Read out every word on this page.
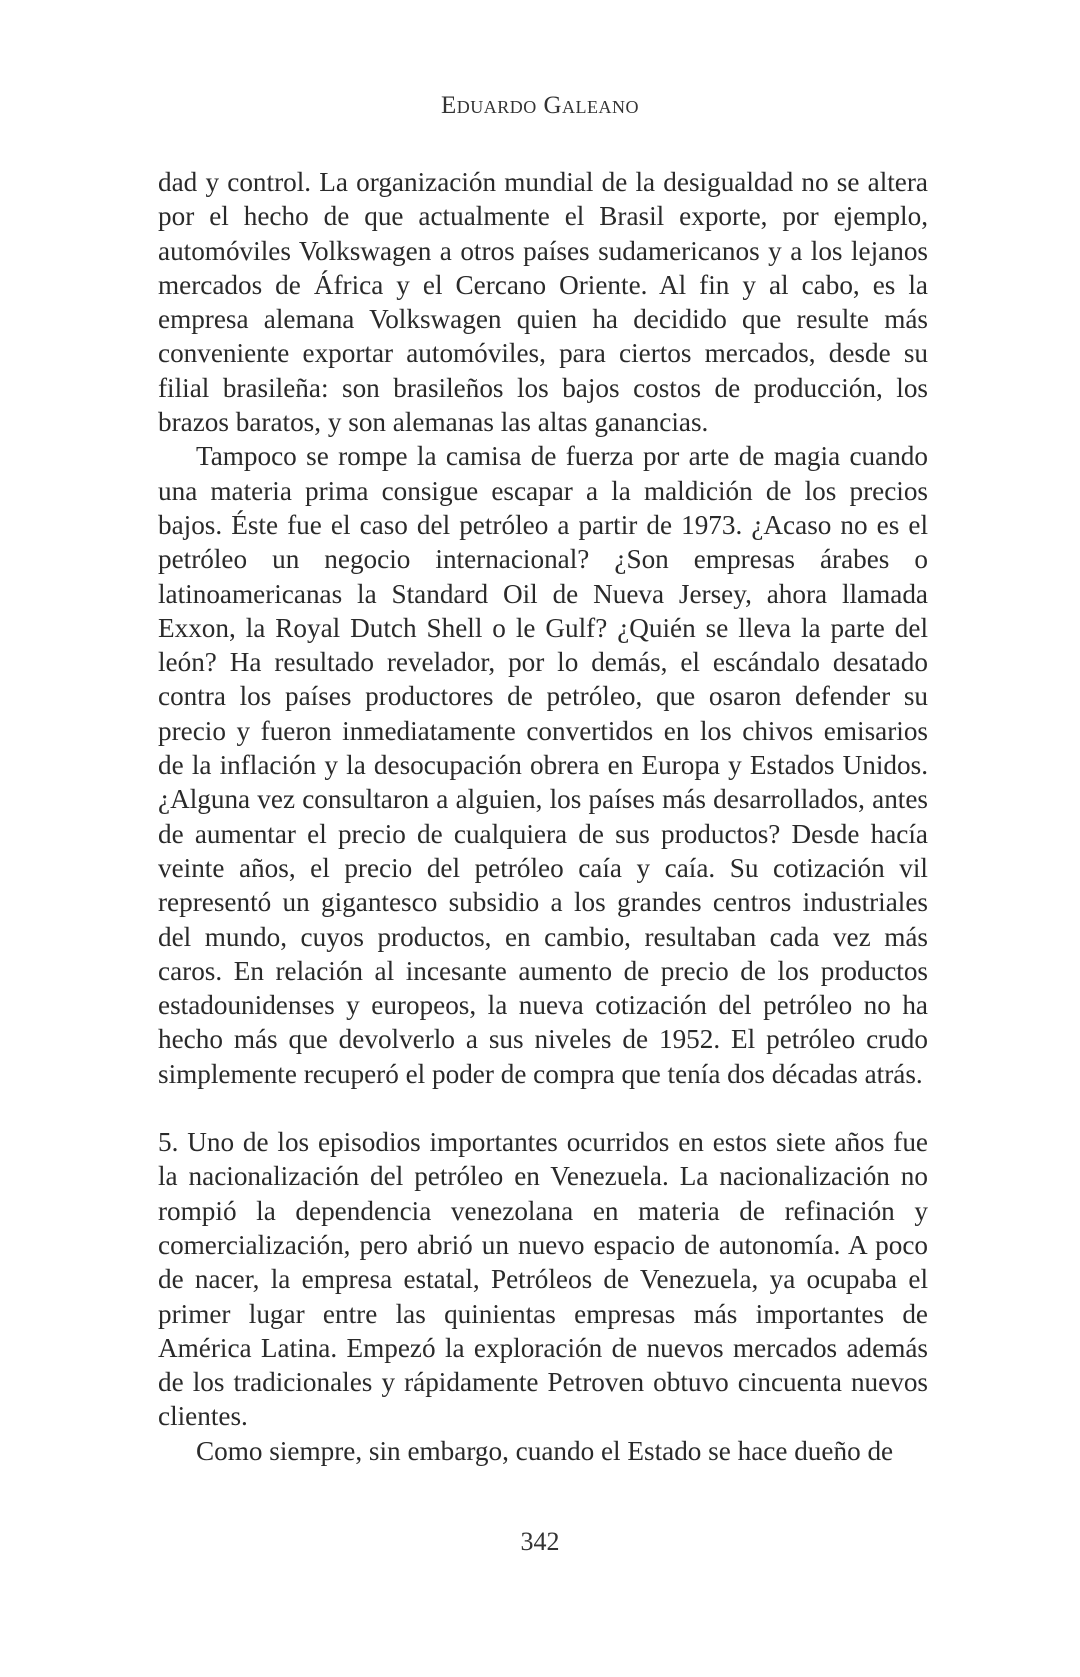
Eduardo Galeano

dad y control. La organización mundial de la desigualdad no se altera por el hecho de que actualmente el Brasil exporte, por ejemplo, automóviles Volkswagen a otros países sudamericanos y a los lejanos mercados de África y el Cercano Oriente. Al fin y al cabo, es la empresa alemana Volkswagen quien ha decidido que resulte más conveniente exportar automóviles, para ciertos mercados, desde su filial brasileña: son brasileños los bajos costos de producción, los brazos baratos, y son alemanas las altas ganancias.

Tampoco se rompe la camisa de fuerza por arte de magia cuando una materia prima consigue escapar a la maldición de los precios bajos. Éste fue el caso del petróleo a partir de 1973. ¿Acaso no es el petróleo un negocio internacional? ¿Son empresas árabes o latinoamericanas la Standard Oil de Nueva Jersey, ahora llamada Exxon, la Royal Dutch Shell o le Gulf? ¿Quién se lleva la parte del león? Ha resultado revelador, por lo demás, el escándalo desatado contra los países productores de petróleo, que osaron defender su precio y fueron inmediatamente convertidos en los chivos emisarios de la inflación y la desocupación obrera en Europa y Estados Unidos. ¿Alguna vez consultaron a alguien, los países más desarrollados, antes de aumentar el precio de cualquiera de sus productos? Desde hacía veinte años, el precio del petróleo caía y caía. Su cotización vil representó un gigantesco subsidio a los grandes centros industriales del mundo, cuyos productos, en cambio, resultaban cada vez más caros. En relación al incesante aumento de precio de los productos estadounidenses y europeos, la nueva cotización del petróleo no ha hecho más que devolverlo a sus niveles de 1952. El petróleo crudo simplemente recuperó el poder de compra que tenía dos décadas atrás.

5. Uno de los episodios importantes ocurridos en estos siete años fue la nacionalización del petróleo en Venezuela. La nacionalización no rompió la dependencia venezolana en materia de refinación y comercialización, pero abrió un nuevo espacio de autonomía. A poco de nacer, la empresa estatal, Petróleos de Venezuela, ya ocupaba el primer lugar entre las quinientas empresas más importantes de América Latina. Empezó la exploración de nuevos mercados además de los tradicionales y rápidamente Petroven obtuvo cincuenta nuevos clientes.

Como siempre, sin embargo, cuando el Estado se hace dueño de

342
